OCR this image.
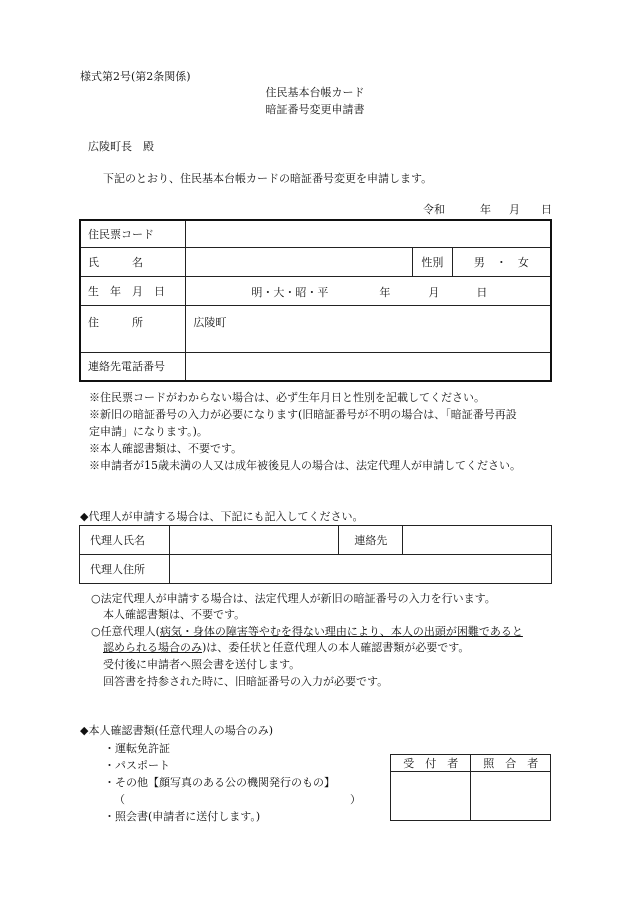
様式第2号(第2条関係)
住民基本台帳カード
暗証番号変更申請書
広陵町長　殿
下記のとおり、住民基本台帳カードの暗証番号変更を申請します。
令和	年 月 日
住民票コード			
氏　　　名		性別	男　・　女
生　年　月　日	明・大・昭・平 年 月 日		

住　　　所	広陵町		
連絡先電話番号			
※住民票コードがわからない場合は、必ず生年月日と性別を記載してください。
※新旧の暗証番号の入力が必要になります(旧暗証番号が不明の場合は、「暗証番号再設
定申請」になります。)。
※本人確認書類は、不要です。
※申請者が15歳未満の人又は成年被後見人の場合は、法定代理人が申請してください。
◆代理人が申請する場合は、下記にも記入してください。
代理人氏名		連絡先	
代理人住所			
○法定代理人が申請する場合は、法定代理人が新旧の暗証番号の入力を行います。
本人確認書類は、不要です。
○任意代理人(病気・身体の障害等やむを得ない理由により、本人の出頭が困難であると
認められる場合のみ)は、委任状と任意代理人の本人確認書類が必要です。
受付後に申請者へ照会書を送付します。
回答書を持参された時に、旧暗証番号の入力が必要です。
◆本人確認書類(任意代理人の場合のみ)
・運転免許証
・パスポート
・その他【顔写真のある公の機関発行のもの】
（	）
・照会書(申請者に送付します。)
受　付　者	照　合　者
